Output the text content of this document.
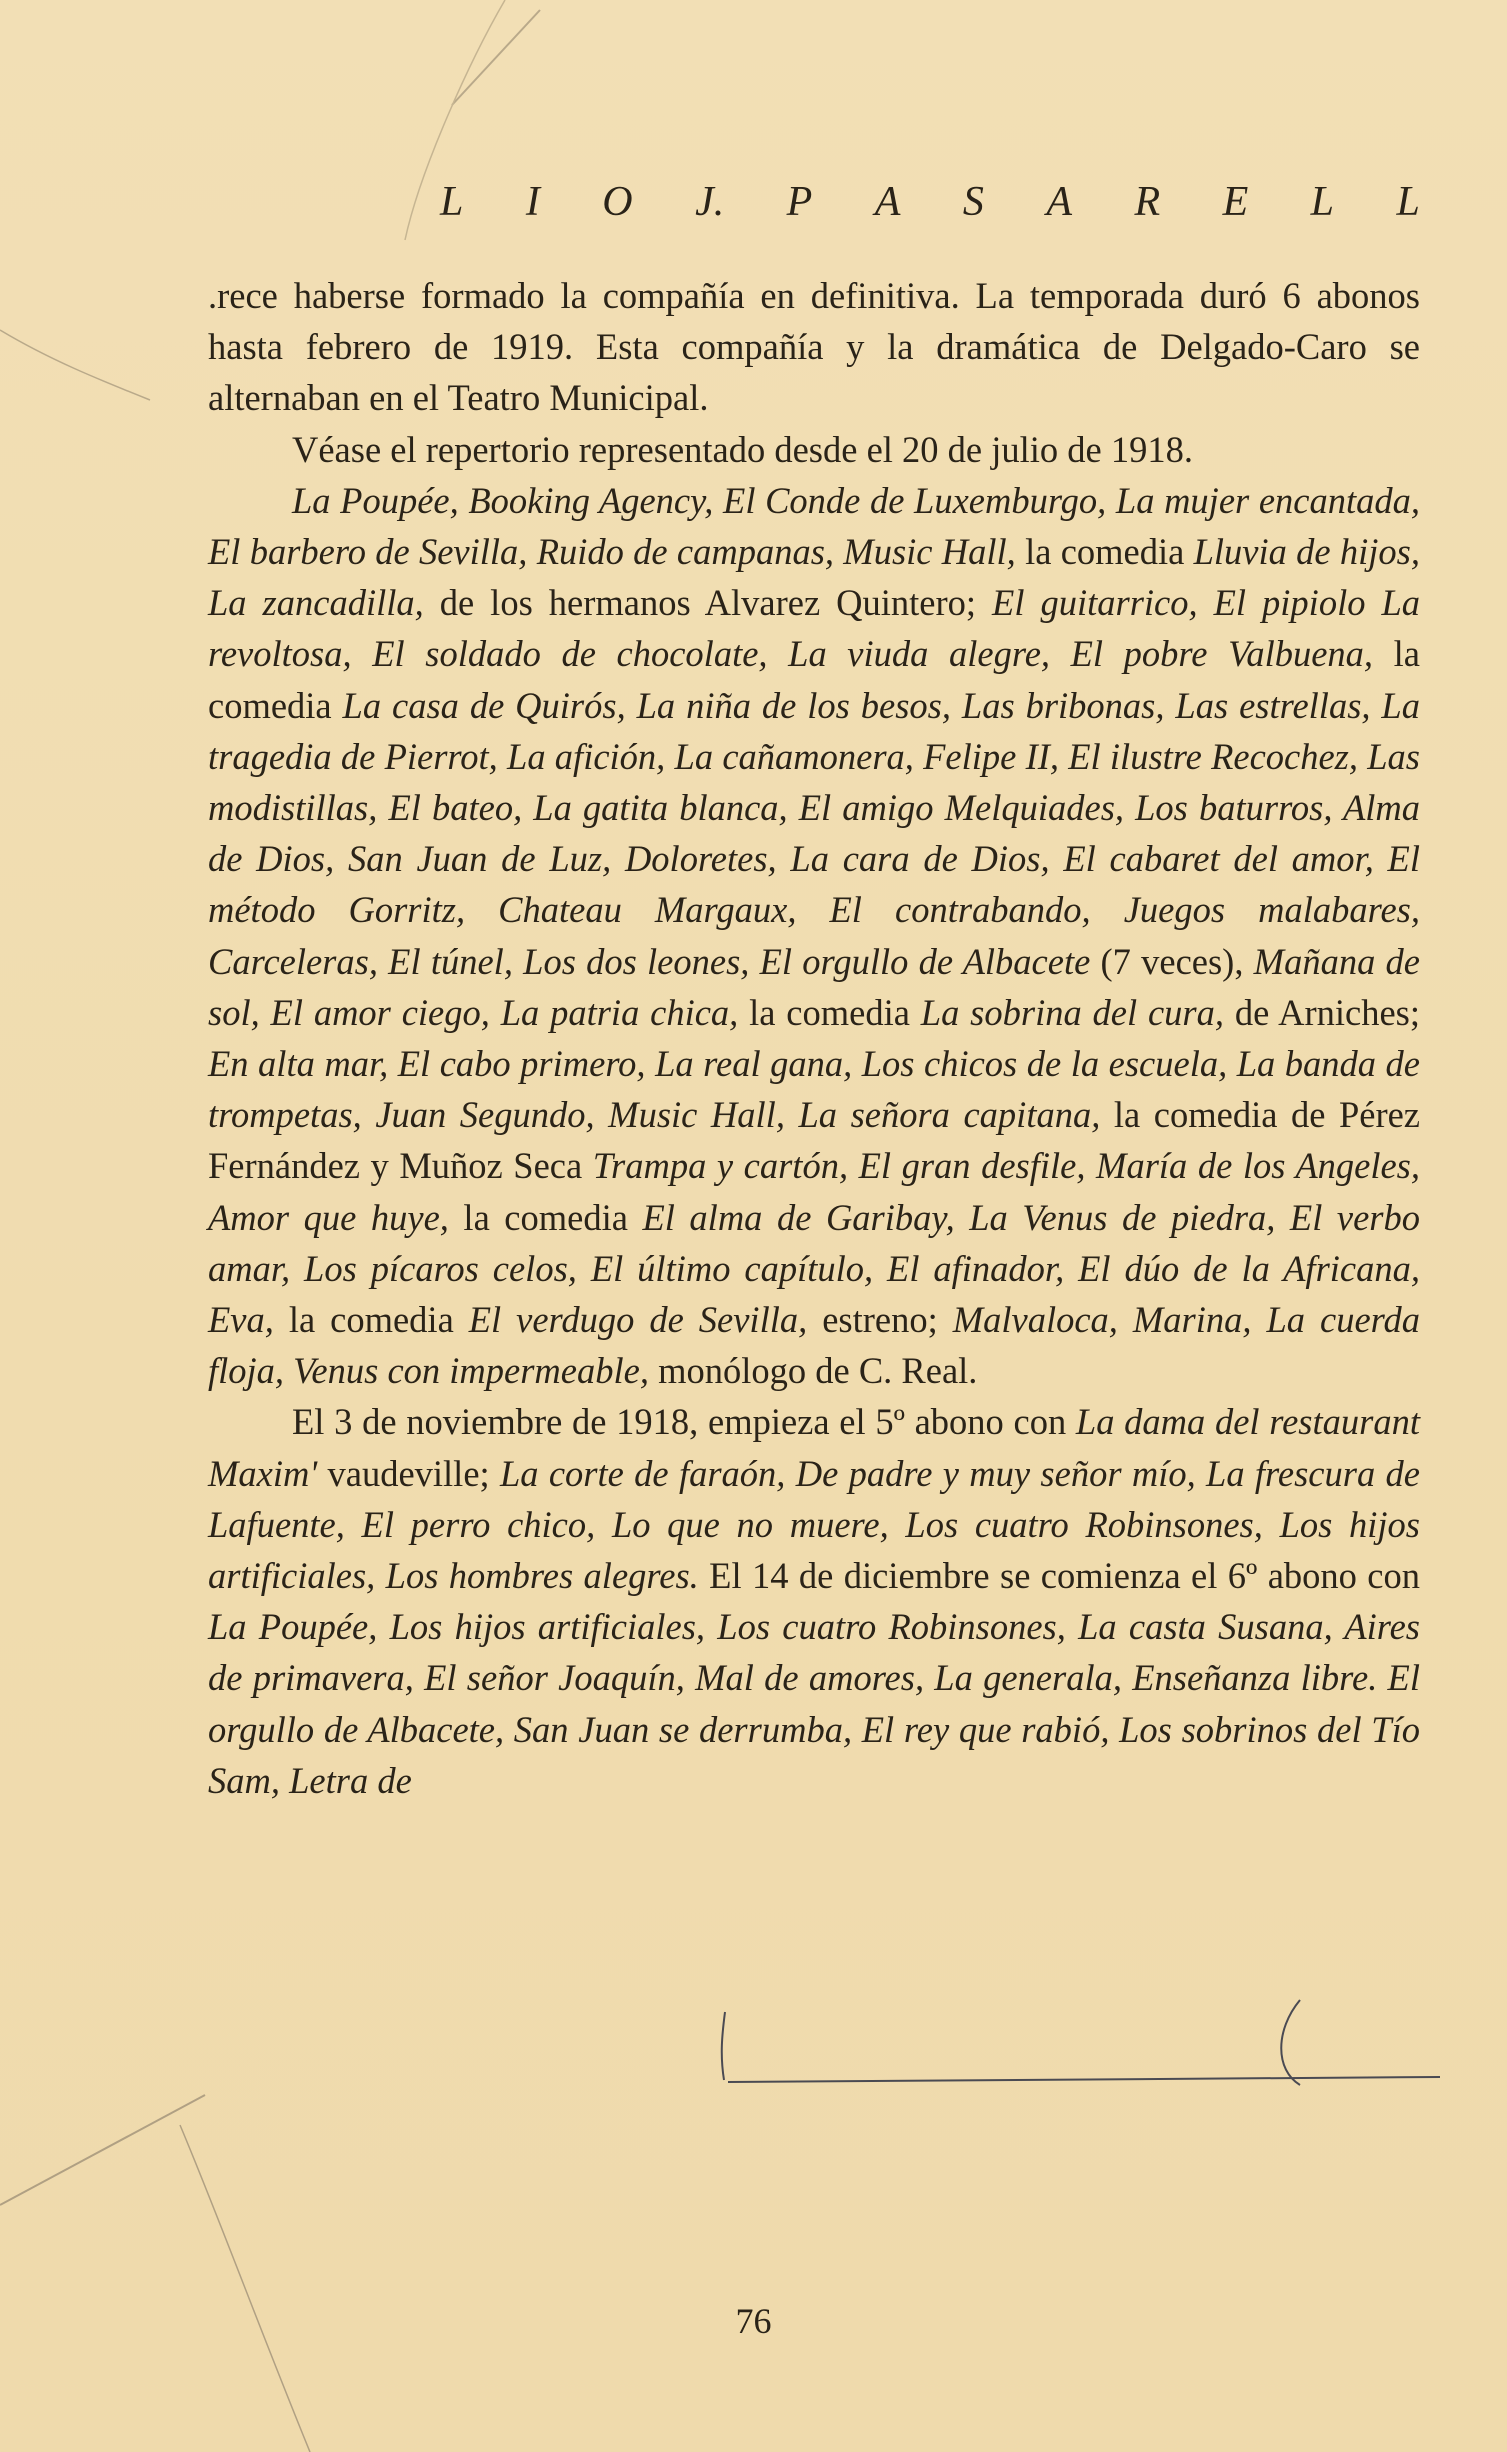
L I O J. P A S A R E L L

.rece haberse formado la compañía en definitiva. La temporada duró 6 abonos hasta febrero de 1919. Esta compañía y la dramática de Delgado-Caro se alternaban en el Teatro Municipal.

Véase el repertorio representado desde el 20 de julio de 1918.

La Poupée, Booking Agency, El Conde de Luxemburgo, La mujer encantada, El barbero de Sevilla, Ruido de campanas, Music Hall, la comedia Lluvia de hijos, La zancadilla, de los hermanos Alvarez Quintero; El guitarrico, El pipiolo La revoltosa, El soldado de chocolate, La viuda alegre, El pobre Valbuena, la comedia La casa de Quirós, La niña de los besos, Las bribonas, Las estrellas, La tragedia de Pierrot, La afición, La cañamonera, Felipe II, El ilustre Recochez, Las modistillas, El bateo, La gatita blanca, El amigo Melquiades, Los baturros, Alma de Dios, San Juan de Luz, Doloretes, La cara de Dios, El cabaret del amor, El método Gorritz, Chateau Margaux, El contrabando, Juegos malabares, Carceleras, El túnel, Los dos leones, El orgullo de Albacete (7 veces), Mañana de sol, El amor ciego, La patria chica, la comedia La sobrina del cura, de Arniches; En alta mar, El cabo primero, La real gana, Los chicos de la escuela, La banda de trompetas, Juan Segundo, Music Hall, La señora capitana, la comedia de Pérez Fernández y Muñoz Seca Trampa y cartón, El gran desfile, María de los Angeles, Amor que huye, la comedia El alma de Garibay, La Venus de piedra, El verbo amar, Los pícaros celos, El último capítulo, El afinador, El dúo de la Africana, Eva, la comedia El verdugo de Sevilla, estreno; Malvaloca, Marina, La cuerda floja, Venus con impermeable, monólogo de C. Real.

El 3 de noviembre de 1918, empieza el 5º abono con La dama del restaurant Maxim' vaudeville; La corte de faraón, De padre y muy señor mío, La frescura de Lafuente, El perro chico, Lo que no muere, Los cuatro Robinsones, Los hijos artificiales, Los hombres alegres. El 14 de diciembre se comienza el 6º abono con La Poupée, Los hijos artificiales, Los cuatro Robinsones, La casta Susana, Aires de primavera, El señor Joaquín, Mal de amores, La generala, Enseñanza libre. El orgullo de Albacete, San Juan se derrumba, El rey que rabió, Los sobrinos del Tío Sam, Letra de

76
